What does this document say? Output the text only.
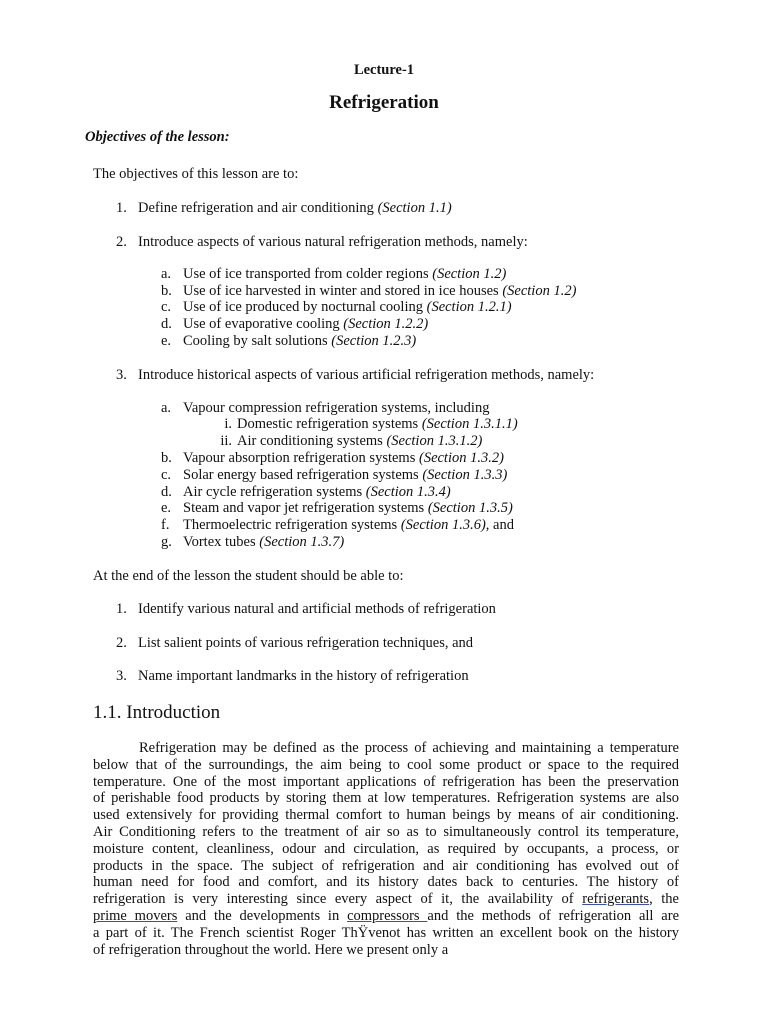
Lecture-1
Refrigeration
Objectives of the lesson:
The objectives of this lesson are to:
1. Define refrigeration and air conditioning (Section 1.1)
2. Introduce aspects of various natural refrigeration methods, namely:
a. Use of ice transported from colder regions (Section 1.2)
b. Use of ice harvested in winter and stored in ice houses (Section 1.2)
c. Use of ice produced by nocturnal cooling (Section 1.2.1)
d. Use of evaporative cooling (Section 1.2.2)
e. Cooling by salt solutions (Section 1.2.3)
3. Introduce historical aspects of various artificial refrigeration methods, namely:
a. Vapour compression refrigeration systems, including
i. Domestic refrigeration systems (Section 1.3.1.1)
ii. Air conditioning systems (Section 1.3.1.2)
b. Vapour absorption refrigeration systems (Section 1.3.2)
c. Solar energy based refrigeration systems (Section 1.3.3)
d. Air cycle refrigeration systems (Section 1.3.4)
e. Steam and vapor jet refrigeration systems (Section 1.3.5)
f. Thermoelectric refrigeration systems (Section 1.3.6), and
g. Vortex tubes (Section 1.3.7)
At the end of the lesson the student should be able to:
1. Identify various natural and artificial methods of refrigeration
2. List salient points of various refrigeration techniques, and
3. Name important landmarks in the history of refrigeration
1.1. Introduction
Refrigeration may be defined as the process of achieving and maintaining a temperature
below that of the surroundings, the aim being to cool some product or space to the required
temperature. One of the most important applications of refrigeration has been the preservation
of perishable food products by storing them at low temperatures. Refrigeration systems are also
used extensively for providing thermal comfort to human beings by means of air conditioning.
Air Conditioning refers to the treatment of air so as to simultaneously control its temperature,
moisture content, cleanliness, odour and circulation, as required by occupants, a process, or
products in the space. The subject of refrigeration and air conditioning has evolved out of
human need for food and comfort, and its history dates back to centuries. The history of
refrigeration is very interesting since every aspect of it, the availability of refrigerants, the
prime movers and the developments in compressors and the methods of refrigeration all are
a part of it. The French scientist Roger ThŸvenot has written an excellent book on the history
of refrigeration throughout the world. Here we present only a
